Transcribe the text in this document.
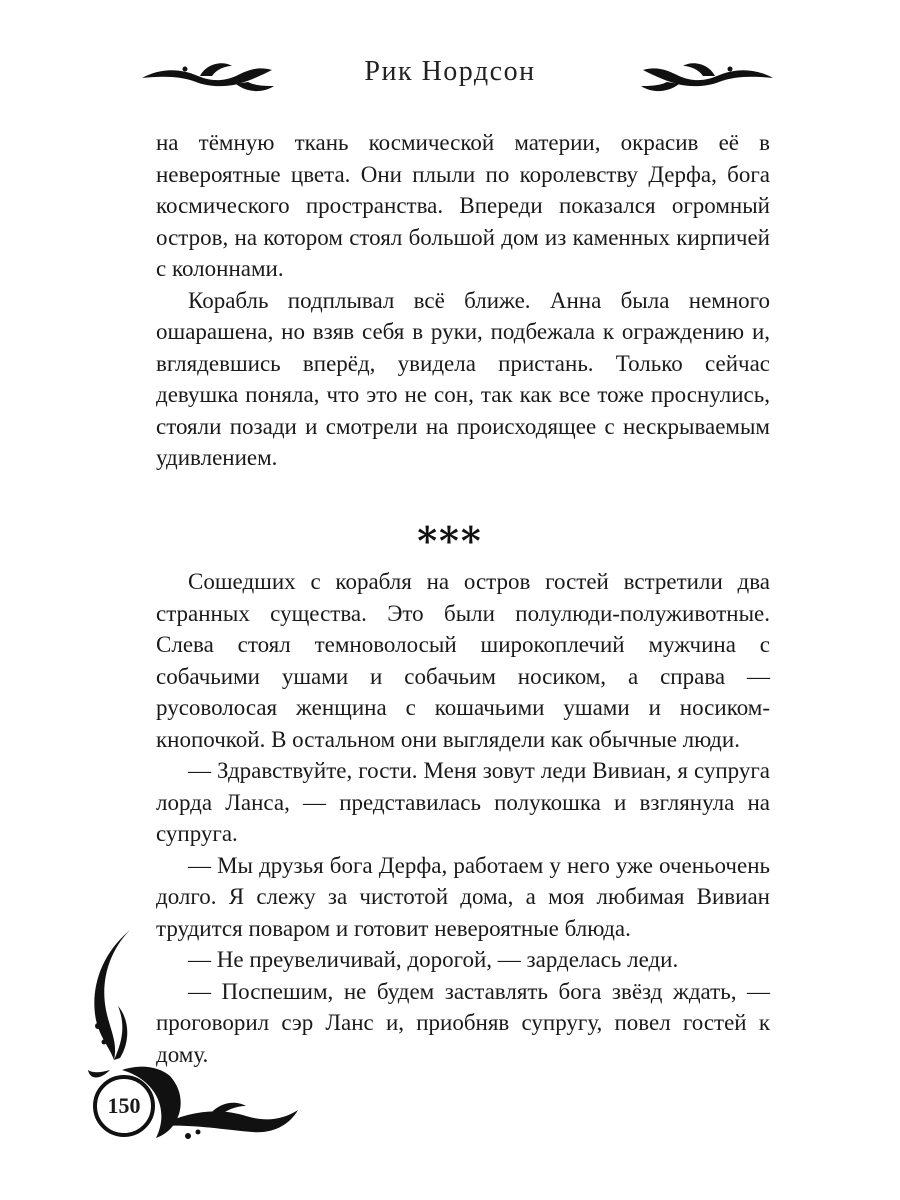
Рик Нордсон

на тёмную ткань космической материи, окрасив её в невероятные цвета. Они плыли по королевству Дерфа, бога космического пространства. Впереди показался огромный остров, на котором стоял большой дом из каменных кирпичей с колоннами.

Корабль подплывал всё ближе. Анна была немного ошарашена, но взяв себя в руки, подбежала к ограждению и, вглядевшись вперёд, увидела пристань. Только сейчас девушка поняла, что это не сон, так как все тоже проснулись, стояли позади и смотрели на происходящее с нескрываемым удивлением.

***

Сошедших с корабля на остров гостей встретили два странных существа. Это были полулюди-полуживотные. Слева стоял темноволосый широкоплечий мужчина с собачьими ушами и собачьим носиком, а справа — русоволосая женщина с кошачьими ушами и носиком-кнопочкой. В остальном они выглядели как обычные люди.

— Здравствуйте, гости. Меня зовут леди Вивиан, я супруга лорда Ланса, — представилась полукошка и взглянула на супруга.

— Мы друзья бога Дерфа, работаем у него уже оченьочень долго. Я слежу за чистотой дома, а моя любимая Вивиан трудится поваром и готовит невероятные блюда.

— Не преувеличивай, дорогой, — зарделась леди.

— Поспешим, не будем заставлять бога звёзд ждать, — проговорил сэр Ланс и, приобняв супругу, повел гостей к дому.

150
